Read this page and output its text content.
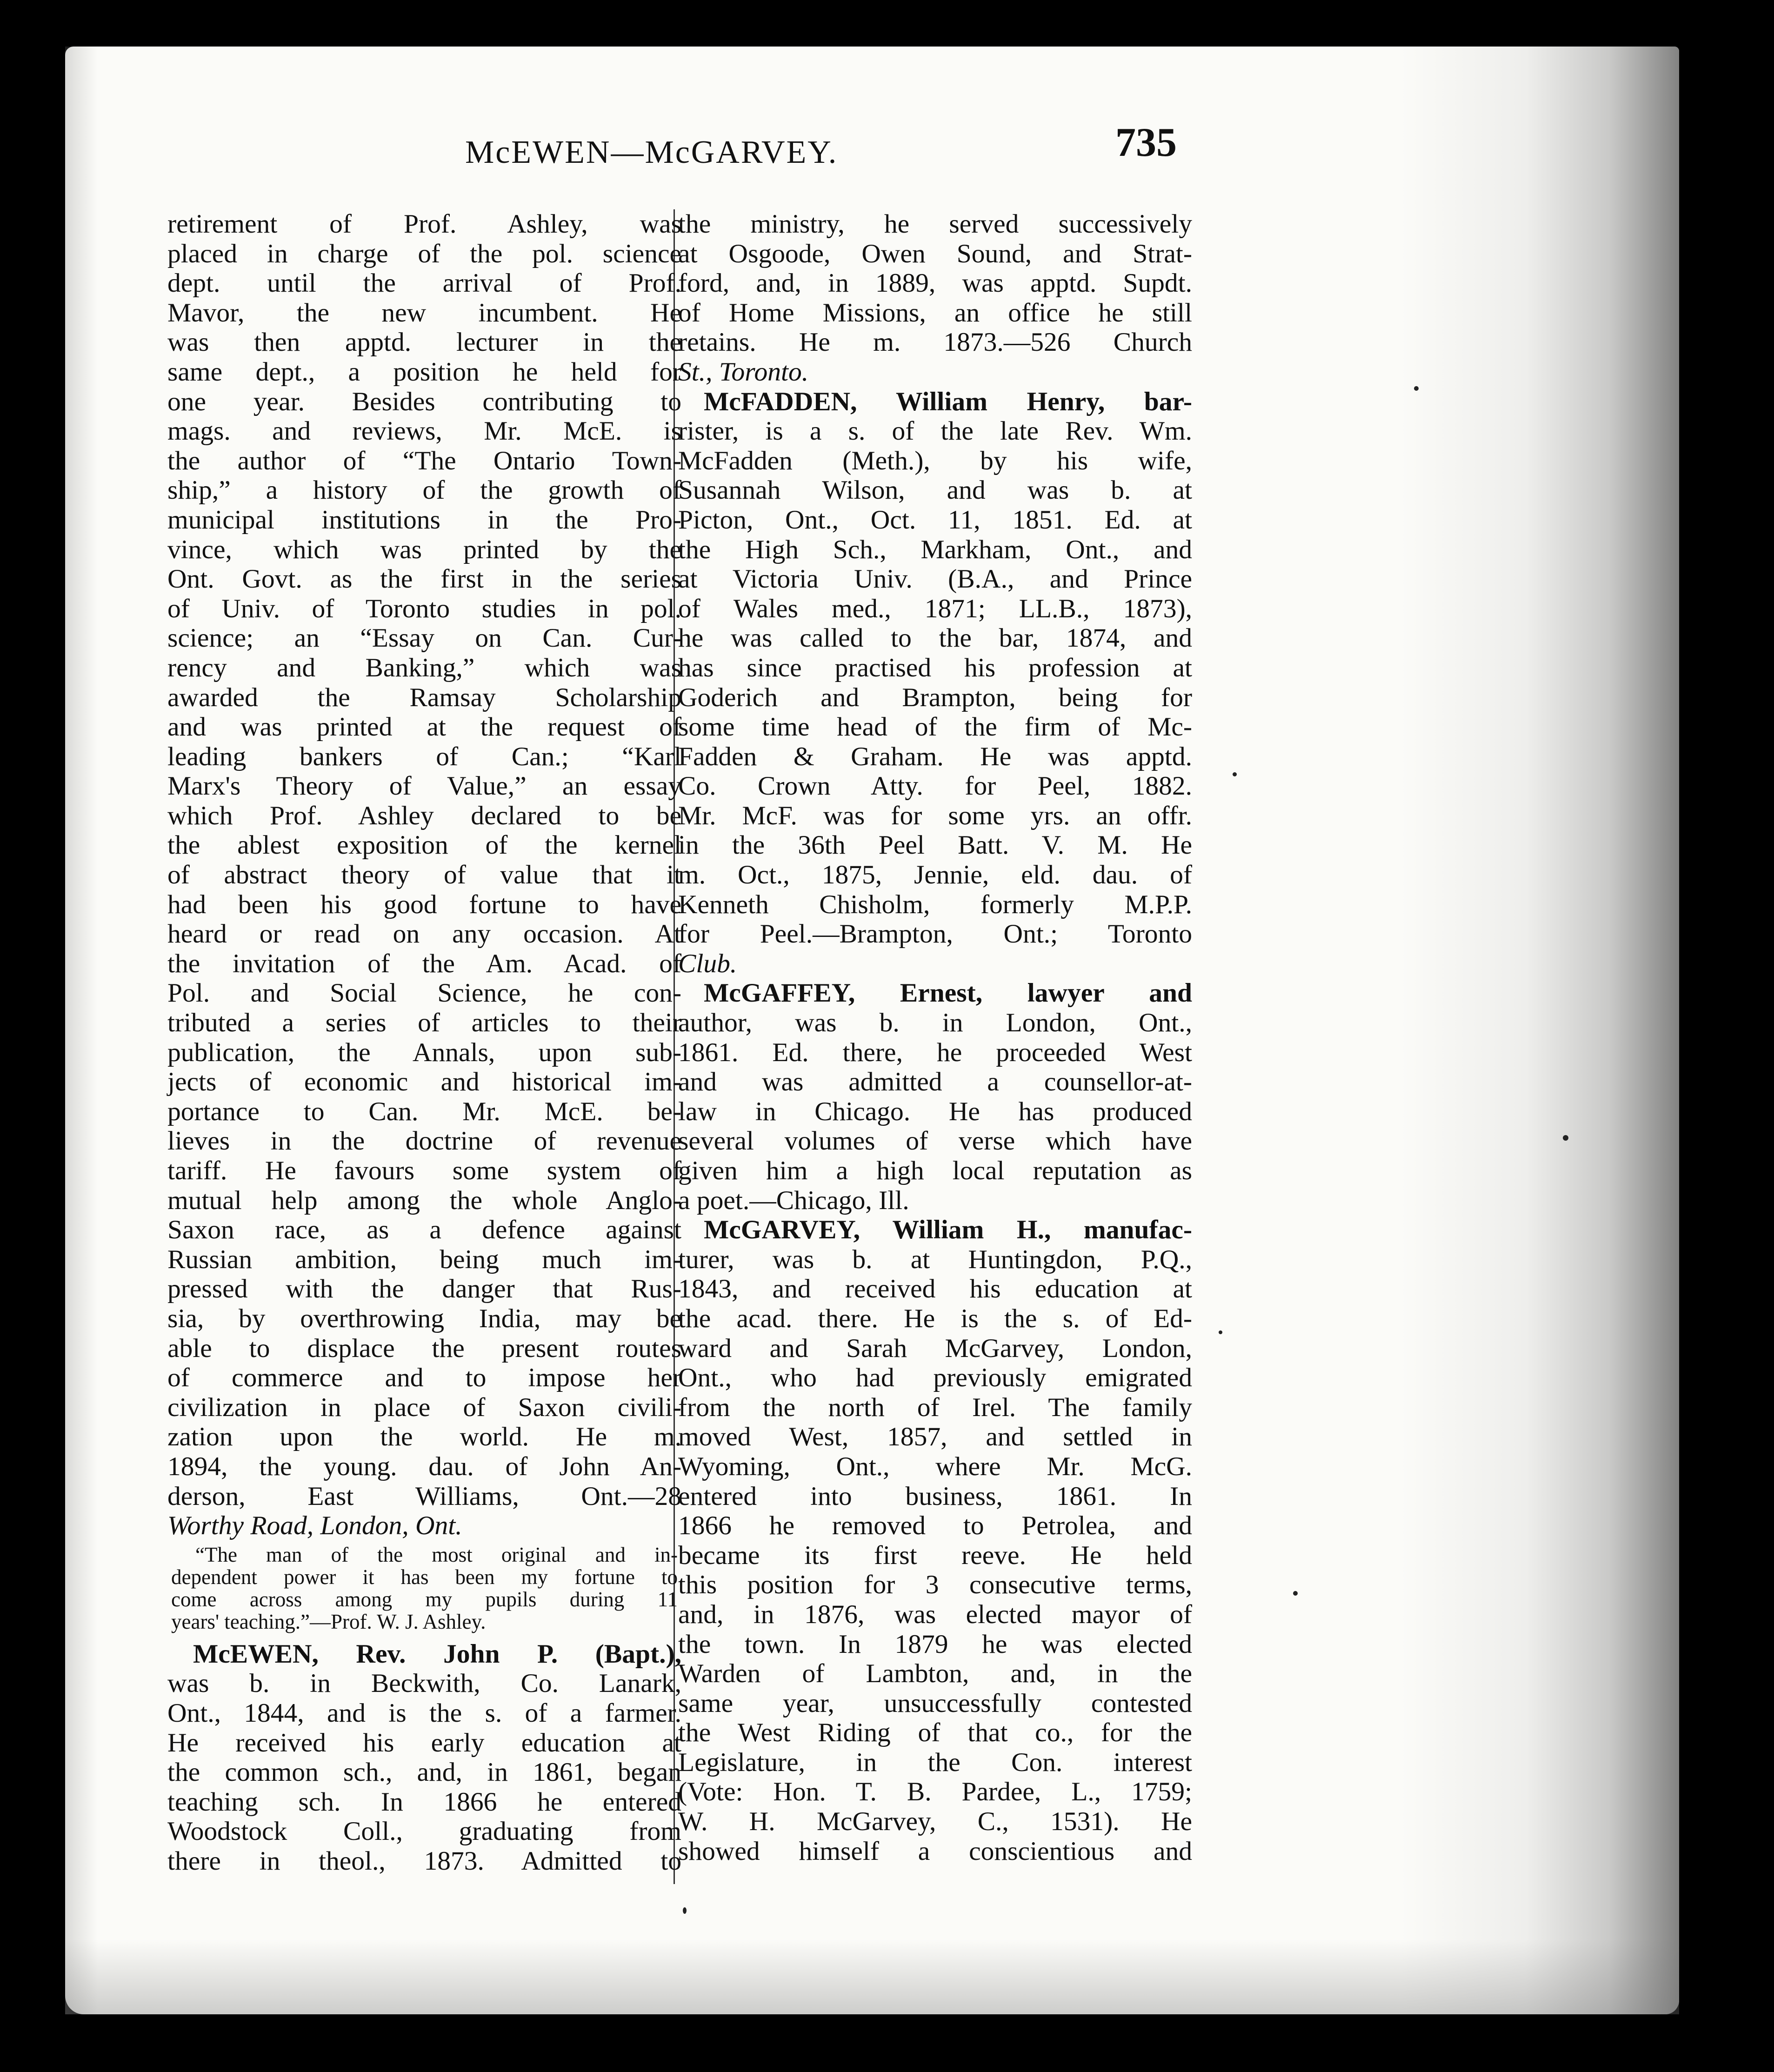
McEWEN—McGARVEY.	735
retirement of Prof. Ashley, was
placed in charge of the pol. science
dept. until the arrival of Prof.
Mavor, the new incumbent. He
was then apptd. lecturer in the
same dept., a position he held for
one year. Besides contributing to
mags. and reviews, Mr. McE. is
the author of “The Ontario Town-
ship,” a history of the growth of
municipal institutions in the Pro-
vince, which was printed by the
Ont. Govt. as the first in the series
of Univ. of Toronto studies in pol.
science; an “Essay on Can. Cur-
rency and Banking,” which was
awarded the Ramsay Scholarship
and was printed at the request of
leading bankers of Can.; “Karl
Marx's Theory of Value,” an essay
which Prof. Ashley declared to be
the ablest exposition of the kernel
of abstract theory of value that it
had been his good fortune to have
heard or read on any occasion. At
the invitation of the Am. Acad. of
Pol. and Social Science, he con-
tributed a series of articles to their
publication, the Annals, upon sub-
jects of economic and historical im-
portance to Can. Mr. McE. be-
lieves in the doctrine of revenue
tariff. He favours some system of
mutual help among the whole Anglo-
Saxon race, as a defence against
Russian ambition, being much im-
pressed with the danger that Rus-
sia, by overthrowing India, may be
able to displace the present routes
of commerce and to impose her
civilization in place of Saxon civili-
zation upon the world. He m.
1894, the young. dau. of John An-
derson, East Williams, Ont.—28
Worthy Road, London, Ont.
“The man of the most original and in-
dependent power it has been my fortune to
come across among my pupils during 11
years' teaching.”—Prof. W. J. Ashley.
McEWEN, Rev. John P. (Bapt.),
was b. in Beckwith, Co. Lanark,
Ont., 1844, and is the s. of a farmer.
He received his early education at
the common sch., and, in 1861, began
teaching sch. In 1866 he entered
Woodstock Coll., graduating from
there in theol., 1873. Admitted to
the ministry, he served successively
at Osgoode, Owen Sound, and Strat-
ford, and, in 1889, was apptd. Supdt.
of Home Missions, an office he still
retains. He m. 1873.—526 Church
St., Toronto.
McFADDEN, William Henry, bar-
rister, is a s. of the late Rev. Wm.
McFadden (Meth.), by his wife,
Susannah Wilson, and was b. at
Picton, Ont., Oct. 11, 1851. Ed. at
the High Sch., Markham, Ont., and
at Victoria Univ. (B.A., and Prince
of Wales med., 1871; LL.B., 1873),
he was called to the bar, 1874, and
has since practised his profession at
Goderich and Brampton, being for
some time head of the firm of Mc-
Fadden & Graham. He was apptd.
Co. Crown Atty. for Peel, 1882.
Mr. McF. was for some yrs. an offr.
in the 36th Peel Batt. V. M. He
m. Oct., 1875, Jennie, eld. dau. of
Kenneth Chisholm, formerly M.P.P.
for Peel.—Brampton, Ont.; Toronto
Club.
McGAFFEY, Ernest, lawyer and
author, was b. in London, Ont.,
1861. Ed. there, he proceeded West
and was admitted a counsellor-at-
law in Chicago. He has produced
several volumes of verse which have
given him a high local reputation as
a poet.—Chicago, Ill.
McGARVEY, William H., manufac-
turer, was b. at Huntingdon, P.Q.,
1843, and received his education at
the acad. there. He is the s. of Ed-
ward and Sarah McGarvey, London,
Ont., who had previously emigrated
from the north of Irel. The family
moved West, 1857, and settled in
Wyoming, Ont., where Mr. McG.
entered into business, 1861. In
1866 he removed to Petrolea, and
became its first reeve. He held
this position for 3 consecutive terms,
and, in 1876, was elected mayor of
the town. In 1879 he was elected
Warden of Lambton, and, in the
same year, unsuccessfully contested
the West Riding of that co., for the
Legislature, in the Con. interest
(Vote: Hon. T. B. Pardee, L., 1759;
W. H. McGarvey, C., 1531). He
showed himself a conscientious and
